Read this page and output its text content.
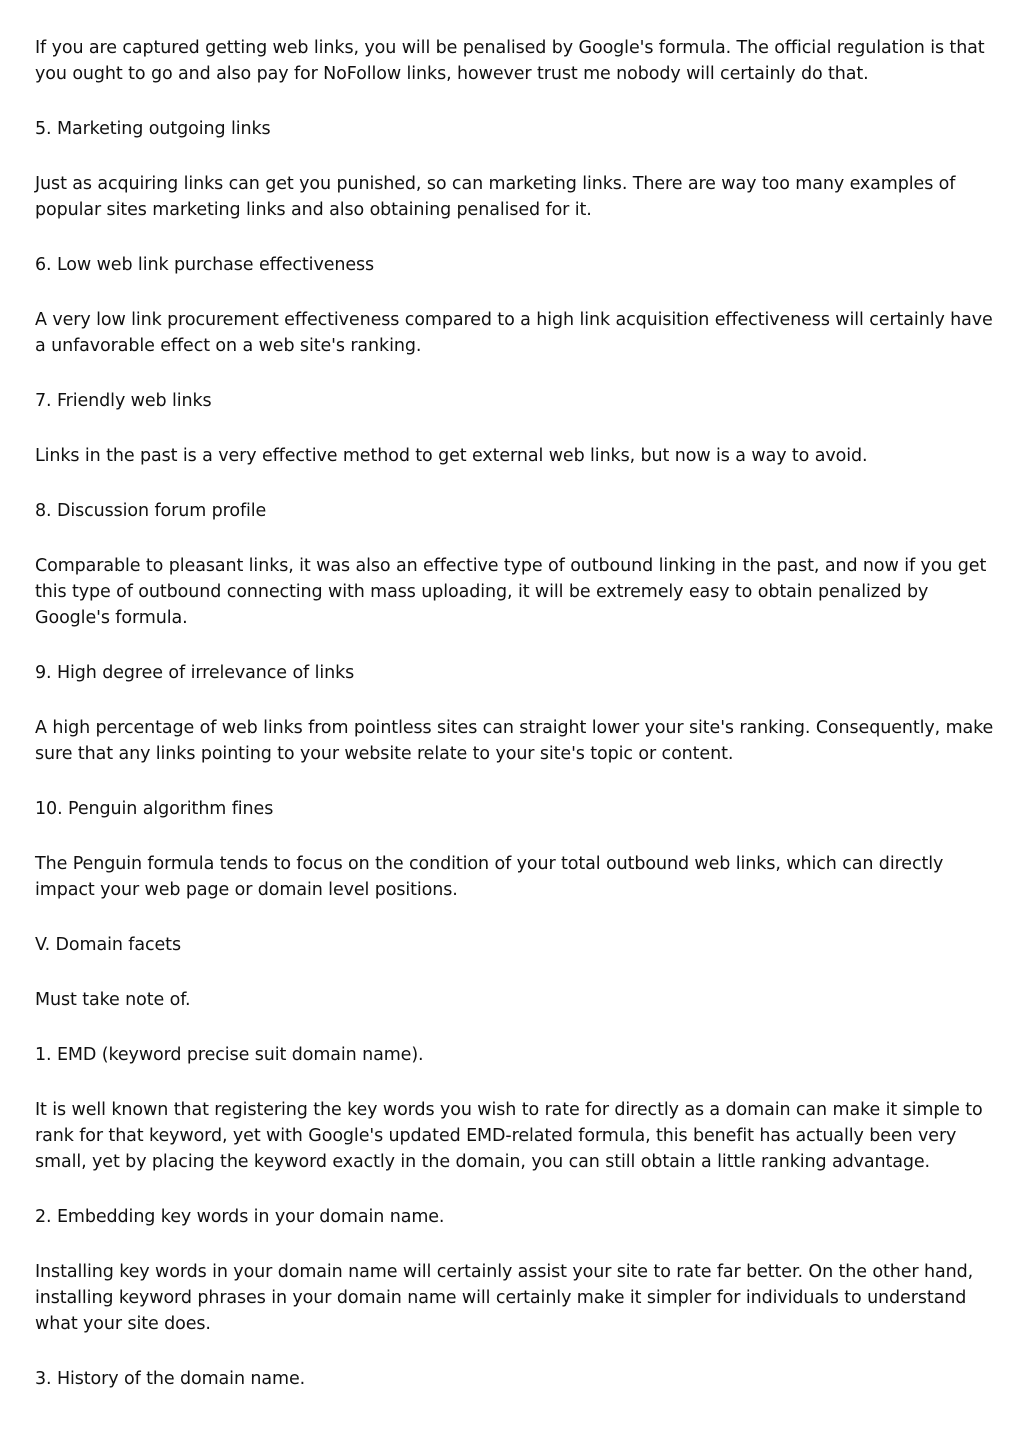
If you are captured getting web links, you will be penalised by Google's formula. The official regulation is that you ought to go and also pay for NoFollow links, however trust me nobody will certainly do that.

5. Marketing outgoing links

Just as acquiring links can get you punished, so can marketing links. There are way too many examples of popular sites marketing links and also obtaining penalised for it.

6. Low web link purchase effectiveness

A very low link procurement effectiveness compared to a high link acquisition effectiveness will certainly have a unfavorable effect on a web site's ranking.

7. Friendly web links

Links in the past is a very effective method to get external web links, but now is a way to avoid.

8. Discussion forum profile

Comparable to pleasant links, it was also an effective type of outbound linking in the past, and now if you get this type of outbound connecting with mass uploading, it will be extremely easy to obtain penalized by Google's formula.

9. High degree of irrelevance of links

A high percentage of web links from pointless sites can straight lower your site's ranking. Consequently, make sure that any links pointing to your website relate to your site's topic or content.

10. Penguin algorithm fines

The Penguin formula tends to focus on the condition of your total outbound web links, which can directly impact your web page or domain level positions.

V. Domain facets

Must take note of.

1. EMD (keyword precise suit domain name).

It is well known that registering the key words you wish to rate for directly as a domain can make it simple to rank for that keyword, yet with Google's updated EMD-related formula, this benefit has actually been very small, yet by placing the keyword exactly in the domain, you can still obtain a little ranking advantage.

2. Embedding key words in your domain name.

Installing key words in your domain name will certainly assist your site to rate far better. On the other hand, installing keyword phrases in your domain name will certainly make it simpler for individuals to understand what your site does.

3. History of the domain name.
